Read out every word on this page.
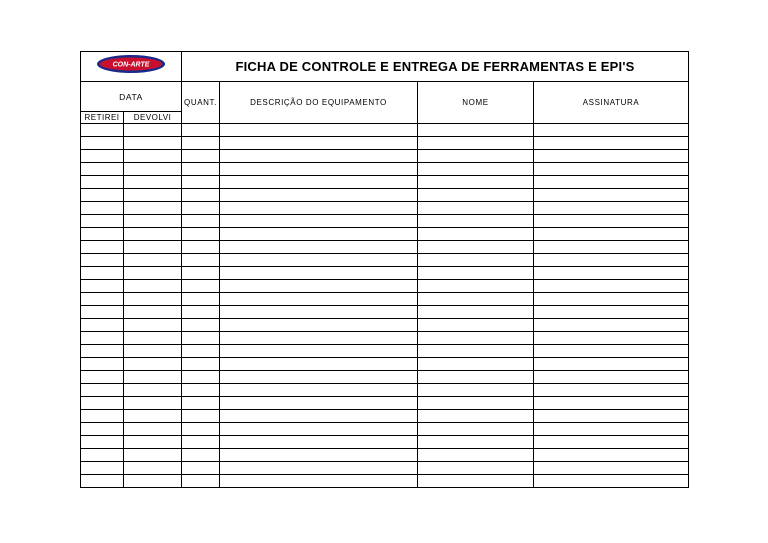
CON-ARTE		FICHA DE CONTROLE E ENTREGA DE FERRAMENTAS E EPI'S			
DATA		QUANT.	DESCRIÇÃO DO EQUIPAMENTO	NOME	ASSINATURA
RETIREI	DEVOLVI				
